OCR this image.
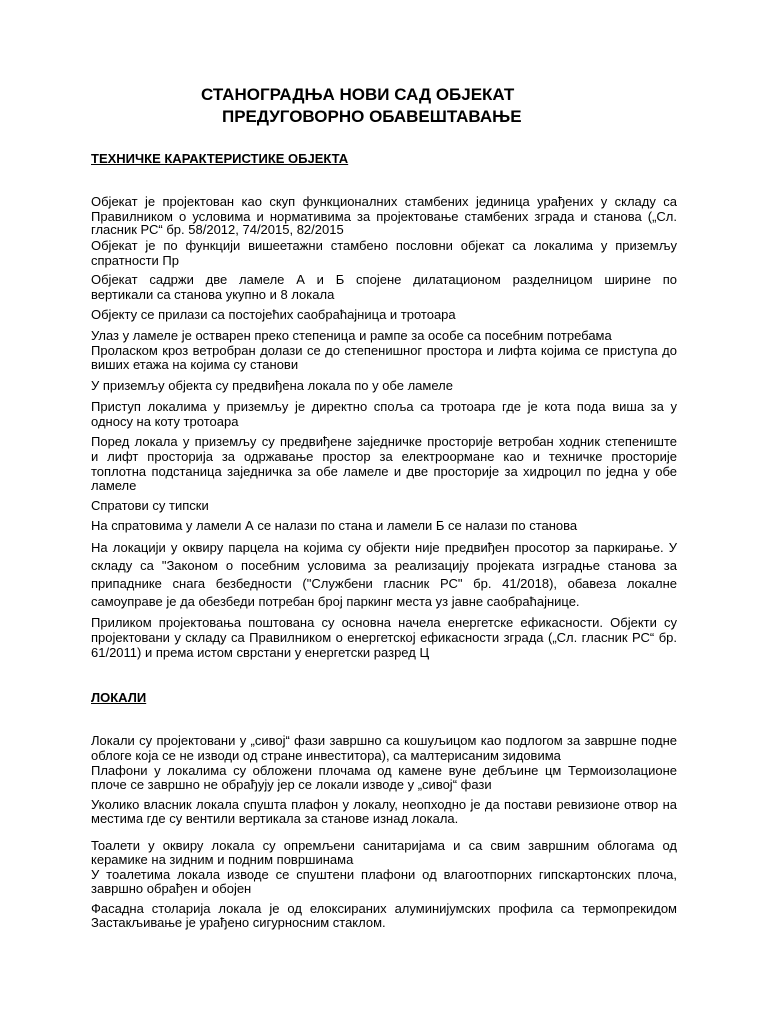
СТАНОГРАДЊА НОВИ САД ОБЈЕКАТ
ПРЕДУГОВОРНО ОБАВЕШТАВАЊЕ
ТЕХНИЧКЕ КАРАКТЕРИСТИКЕ ОБЈЕКТА
Објекат је пројектован као скуп функционалних стамбених јединица урађених у складу са
Правилником о условима и нормативима за пројектовање стамбених зграда и станова („Сл.
гласник РС“ бр. 58/2012, 74/2015, 82/2015
Објекат је по функцији вишеетажни стамбено пословни објекат са локалима у приземљу
спратности Пр
Објекат садржи две ламеле А и Б спојене дилатационом разделницом ширине по
вертикали са станова укупно и 8 локала
Објекту се прилази са постојећих саобраћајница и тротоара
Улаз у ламеле је остварен преко степеница и рампе за особе са посебним потребама
Проласком кроз ветробран долази се до степенишног простора и лифта којима се приступа до
виших етажа на којима су станови
У приземљу објекта су предвиђена локала по у обе ламеле
Приступ локалима у приземљу је директно споља са тротоара где је кота пода виша за у
односу на коту тротоара
Поред локала у приземљу су предвиђене заједничке просторије ветробан ходник степениште
и лифт просторија за одржавање простор за електроормане као и техничке просторије
топлотна подстаница заједничка за обе ламеле и две просторије за хидроцил по једна у обе
ламеле
Спратови су типски
На спратовима у ламели А се налази по стана и ламели Б се налази по станова
На локацији у оквиру парцела на којима су објекти није предвиђен просотор за паркирање. У
складу са "Законом о посебним условима за реализацију пројеката изградње станова за
припаднике снага безбедности ("Службени гласник РС" бр. 41/2018), обавеза локалне
самоуправе је да обезбеди потребан број паркинг места уз јавне саобраћајнице.
Приликом пројектовања поштована су основна начела енергетске ефикасности. Објекти су
пројектовани у складу са Правилником о енергетској ефикасности зграда („Сл. гласник РС“ бр.
61/2011) и према истом сврстани у енергетски разред Ц
ЛОКАЛИ
Локали су пројектовани у „сивој“ фази завршно са кошуљицом као подлогом за завршне подне
облоге која се не изводи од стране инвеститора), са малтерисаним зидовима
Плафони у локалима су обложени плочама од камене вуне дебљине цм Термоизолационе
плоче се завршно не обрађују јер се локали изводе у „сивој“ фази
Уколико власник локала спушта плафон у локалу, неопходно је да постави ревизионе отвор на
местима где су вентили вертикала за станове изнад локала.
Тоалети у оквиру локала су опремљени санитаријама и са свим завршним облогама од
керамике на зидним и подним површинама
У тоалетима локала изводе се спуштени плафони од влагоотпорних гипскартонских плоча,
завршно обрађен и обојен
Фасадна столарија локала је од елоксираних алуминијумских профила са термопрекидом
Застакљивање је урађено сигурносним стаклом.
